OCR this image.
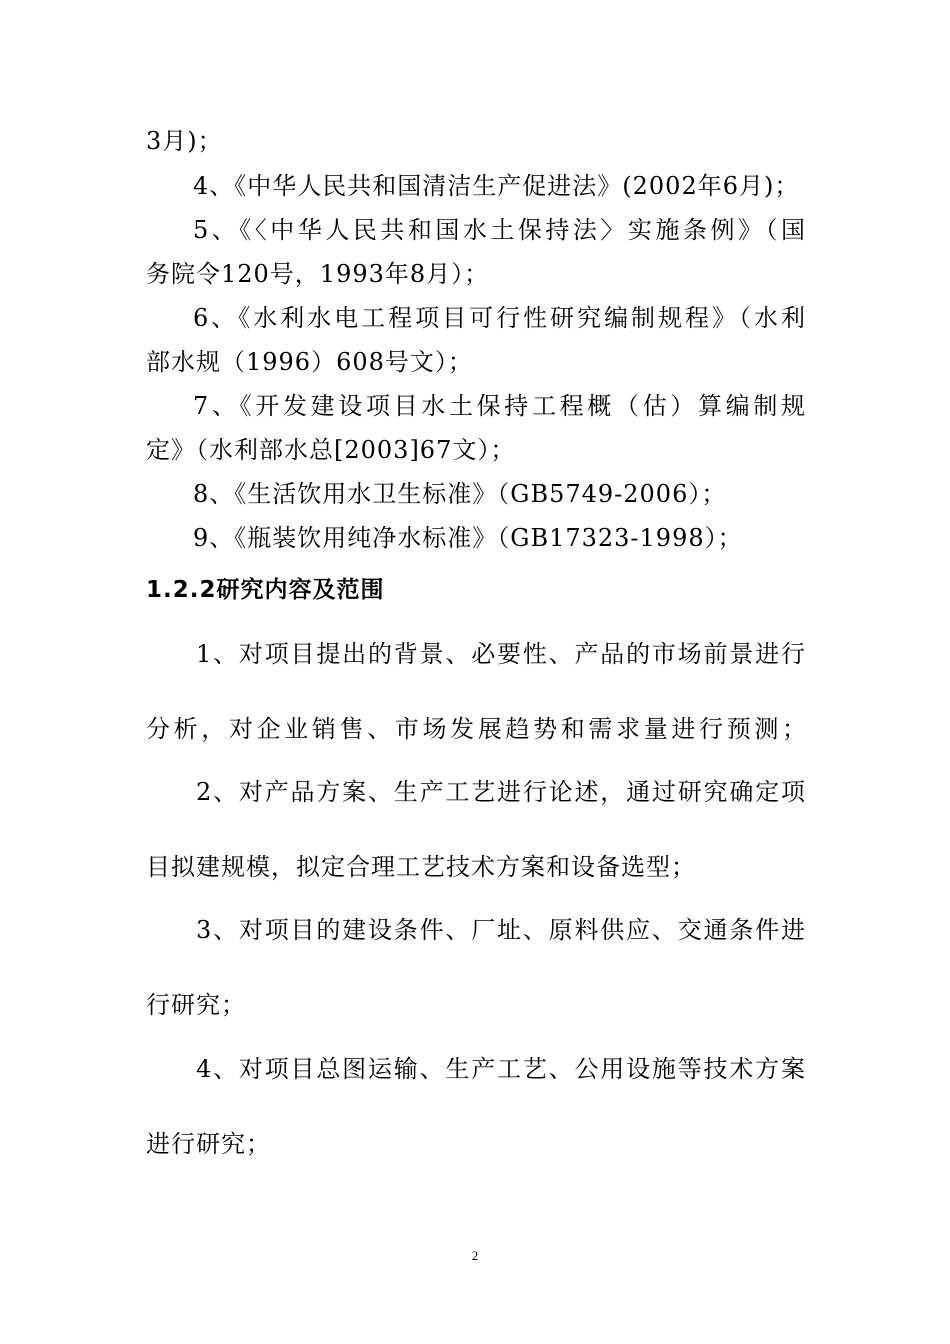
3月)；
4、《中华人民共和国清洁生产促进法》(2002年6月)；
5、《〈中华人民共和国水土保持法〉实施条例》（国
务院令120号，1993年8月）；
6、《水利水电工程项目可行性研究编制规程》（水利
部水规（1996）608号文）；
7、《开发建设项目水土保持工程概（估）算编制规
定》（水利部水总[2003]67文）；
8、《生活饮用水卫生标准》（GB5749-2006）；
9、《瓶装饮用纯净水标准》（GB17323-1998）；
1.2.2研究内容及范围
1、对项目提出的背景、必要性、产品的市场前景进行
分析，对企业销售、市场发展趋势和需求量进行预测；
2、对产品方案、生产工艺进行论述，通过研究确定项
目拟建规模，拟定合理工艺技术方案和设备选型；
3、对项目的建设条件、厂址、原料供应、交通条件进
行研究；
4、对项目总图运输、生产工艺、公用设施等技术方案
进行研究；
2
